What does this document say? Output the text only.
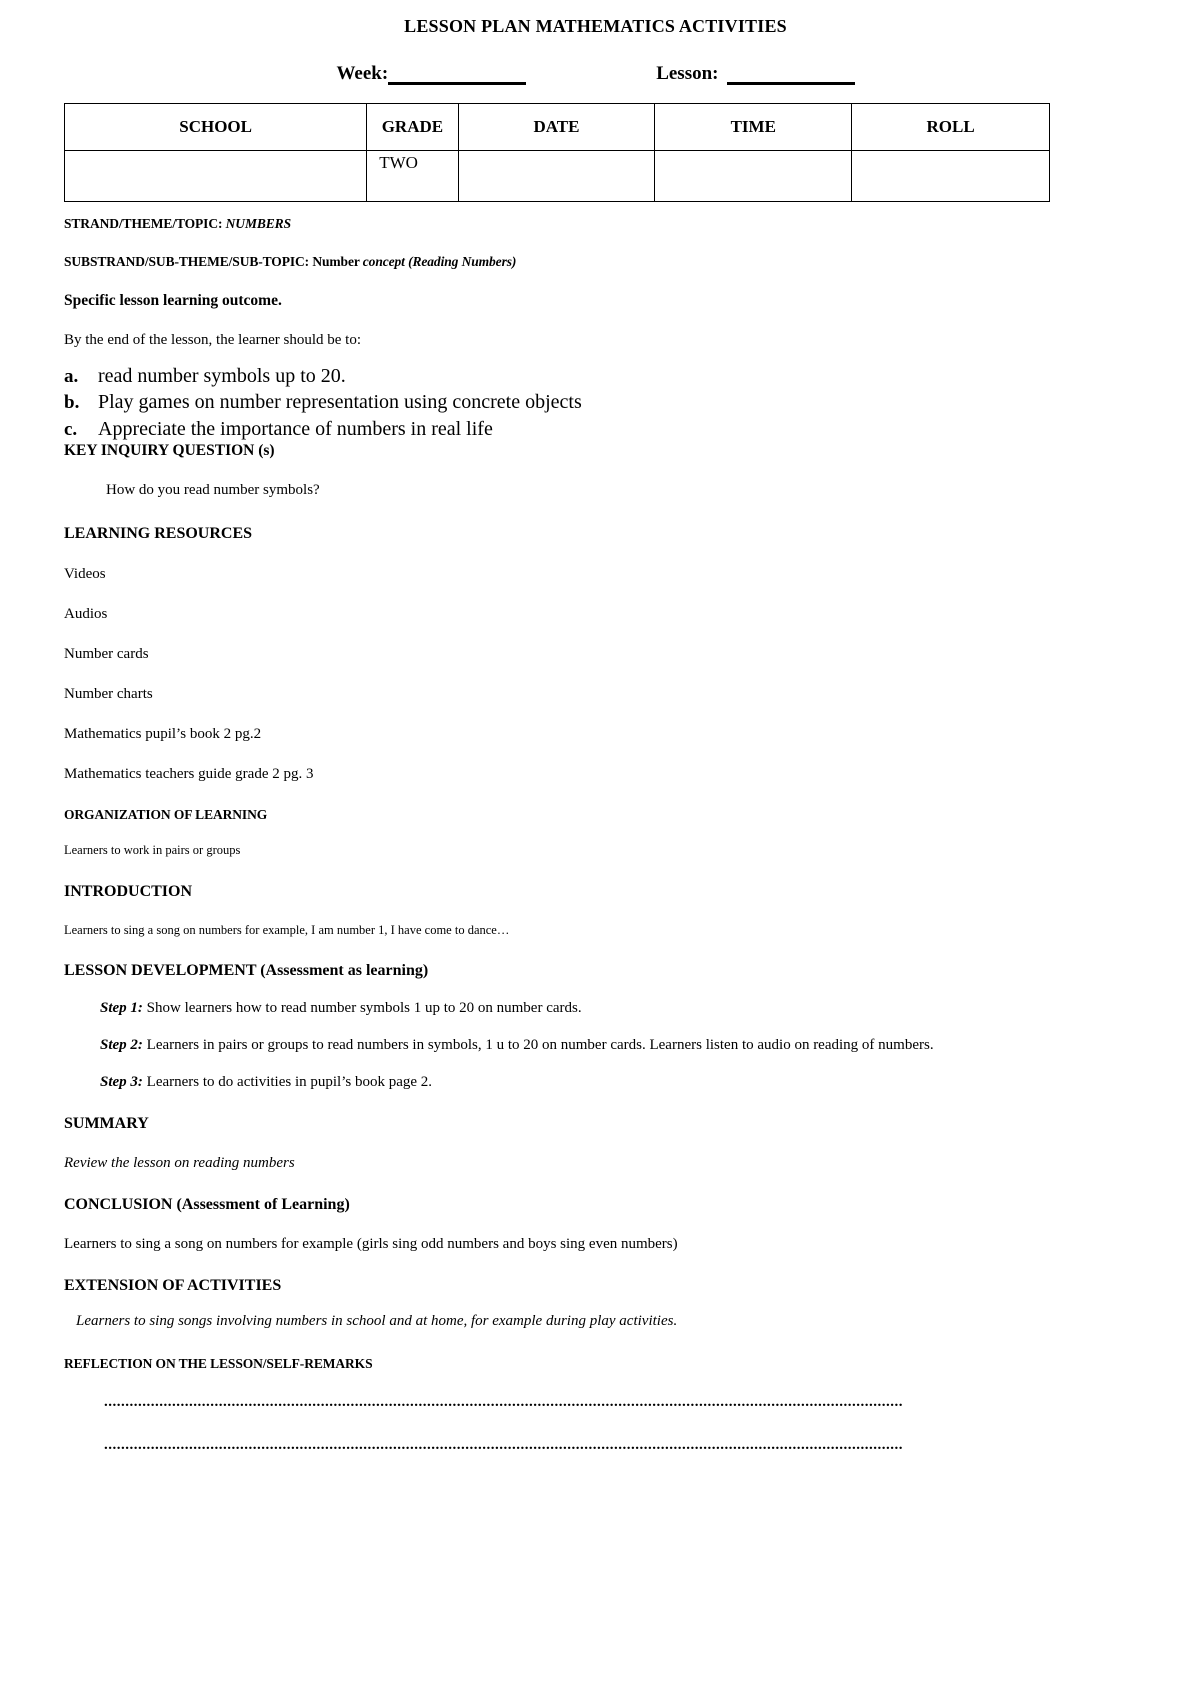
LESSON PLAN MATHEMATICS ACTIVITIES
Week:	Lesson:
SCHOOL	GRADE	DATE	TIME	ROLL
	TWO			

STRAND/THEME/TOPIC: NUMBERS

SUBSTRAND/SUB-THEME/SUB-TOPIC: Number concept (Reading Numbers)

Specific lesson learning outcome.

By the end of the lesson, the learner should be to:

a. read number symbols up to 20.
b. Play games on number representation using concrete objects
c.	Appreciate the importance of numbers in real life

KEY INQUIRY QUESTION (s)

How do you read number symbols?

LEARNING RESOURCES

Videos

Audios

Number cards

Number charts

Mathematics pupil’s book 2 pg.2

Mathematics teachers guide grade 2 pg. 3

ORGANIZATION OF LEARNING

Learners to work in pairs or groups

INTRODUCTION

Learners to sing a song on numbers for example, I am number 1, I have come to dance…

LESSON DEVELOPMENT (Assessment as learning)

Step 1: Show learners how to read number symbols 1 up to 20 on number cards.

Step 2: Learners in pairs or groups to read numbers in symbols, 1 u to 20 on number cards. Learners listen to audio on reading of numbers.

Step 3: Learners to do activities in pupil’s book page 2.

SUMMARY

Review the lesson on reading numbers

CONCLUSION (Assessment of Learning)

Learners to sing a song on numbers for example (girls sing odd numbers and boys sing even numbers)

EXTENSION OF ACTIVITIES

Learners to sing songs involving numbers in school and at home, for example during play activities.

REFLECTION ON THE LESSON/SELF-REMARKS

............................................................................................................................................................................................
............................................................................................................................................................................................
